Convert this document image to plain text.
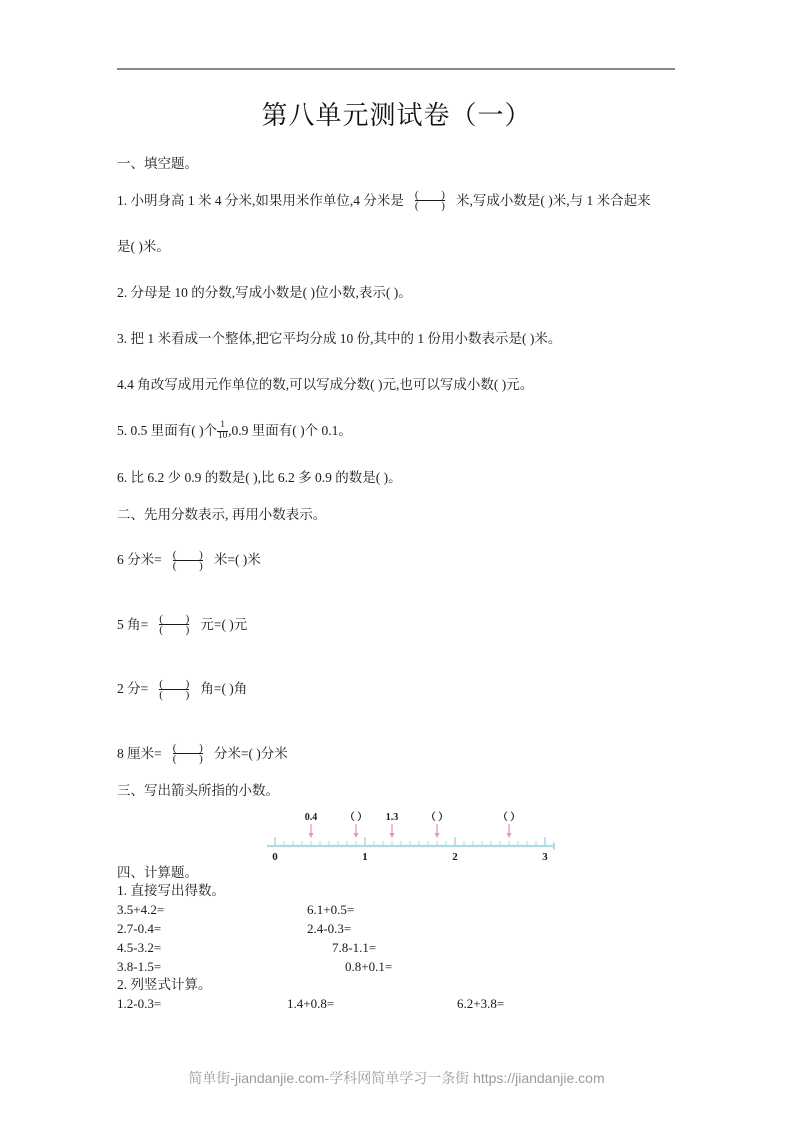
第八单元测试卷（一）
一、填空题。
1. 小明身高 1 米 4 分米,如果用米作单位,4 分米是 $\frac{( )}{( )}$ 米,写成小数是( )米,与 1 米合起来
是( )米。
2. 分母是 10 的分数,写成小数是( )位小数,表示( )。
3. 把 1 米看成一个整体,把它平均分成 10 份,其中的 1 份用小数表示是( )米。
4.4 角改写成用元作单位的数,可以写成分数( )元,也可以写成小数( )元。
5. 0.5 里面有( )个 $\frac{1}{10} ,0.9$ 里面有( )个 0.1。
6. 比 6.2 少 0.9 的数是( ),比 6.2 多 0.9 的数是( )。
二、先用分数表示, 再用小数表示。
6 分米= $\frac{( )}{( )}$ 米=( )米
5 角= $\frac{( )}{( )}$ 元=( )元
2 分= $\frac{( )}{( )}$ 角=( )角
8 厘米= $\frac{( )}{( )}$ 分米=( )分米
三、写出箭头所指的小数。
0	1	2	3
0.4	（ ） 1.3	（ ）	（ ）
四、计算题。
1. 直接写出得数。
3.5+4.2=	6.1+0.5=
2.7-0.4=	2.4-0.3=
4.5-3.2=	7.8-1.1=
3.8-1.5=	0.8+0.1=
2. 列竖式计算。
1.2-0.3=	1.4+0.8=	6.2+3.8=
简单街-jiandanjie.com-学科网简单学习一条街 https://jiandanjie.com
